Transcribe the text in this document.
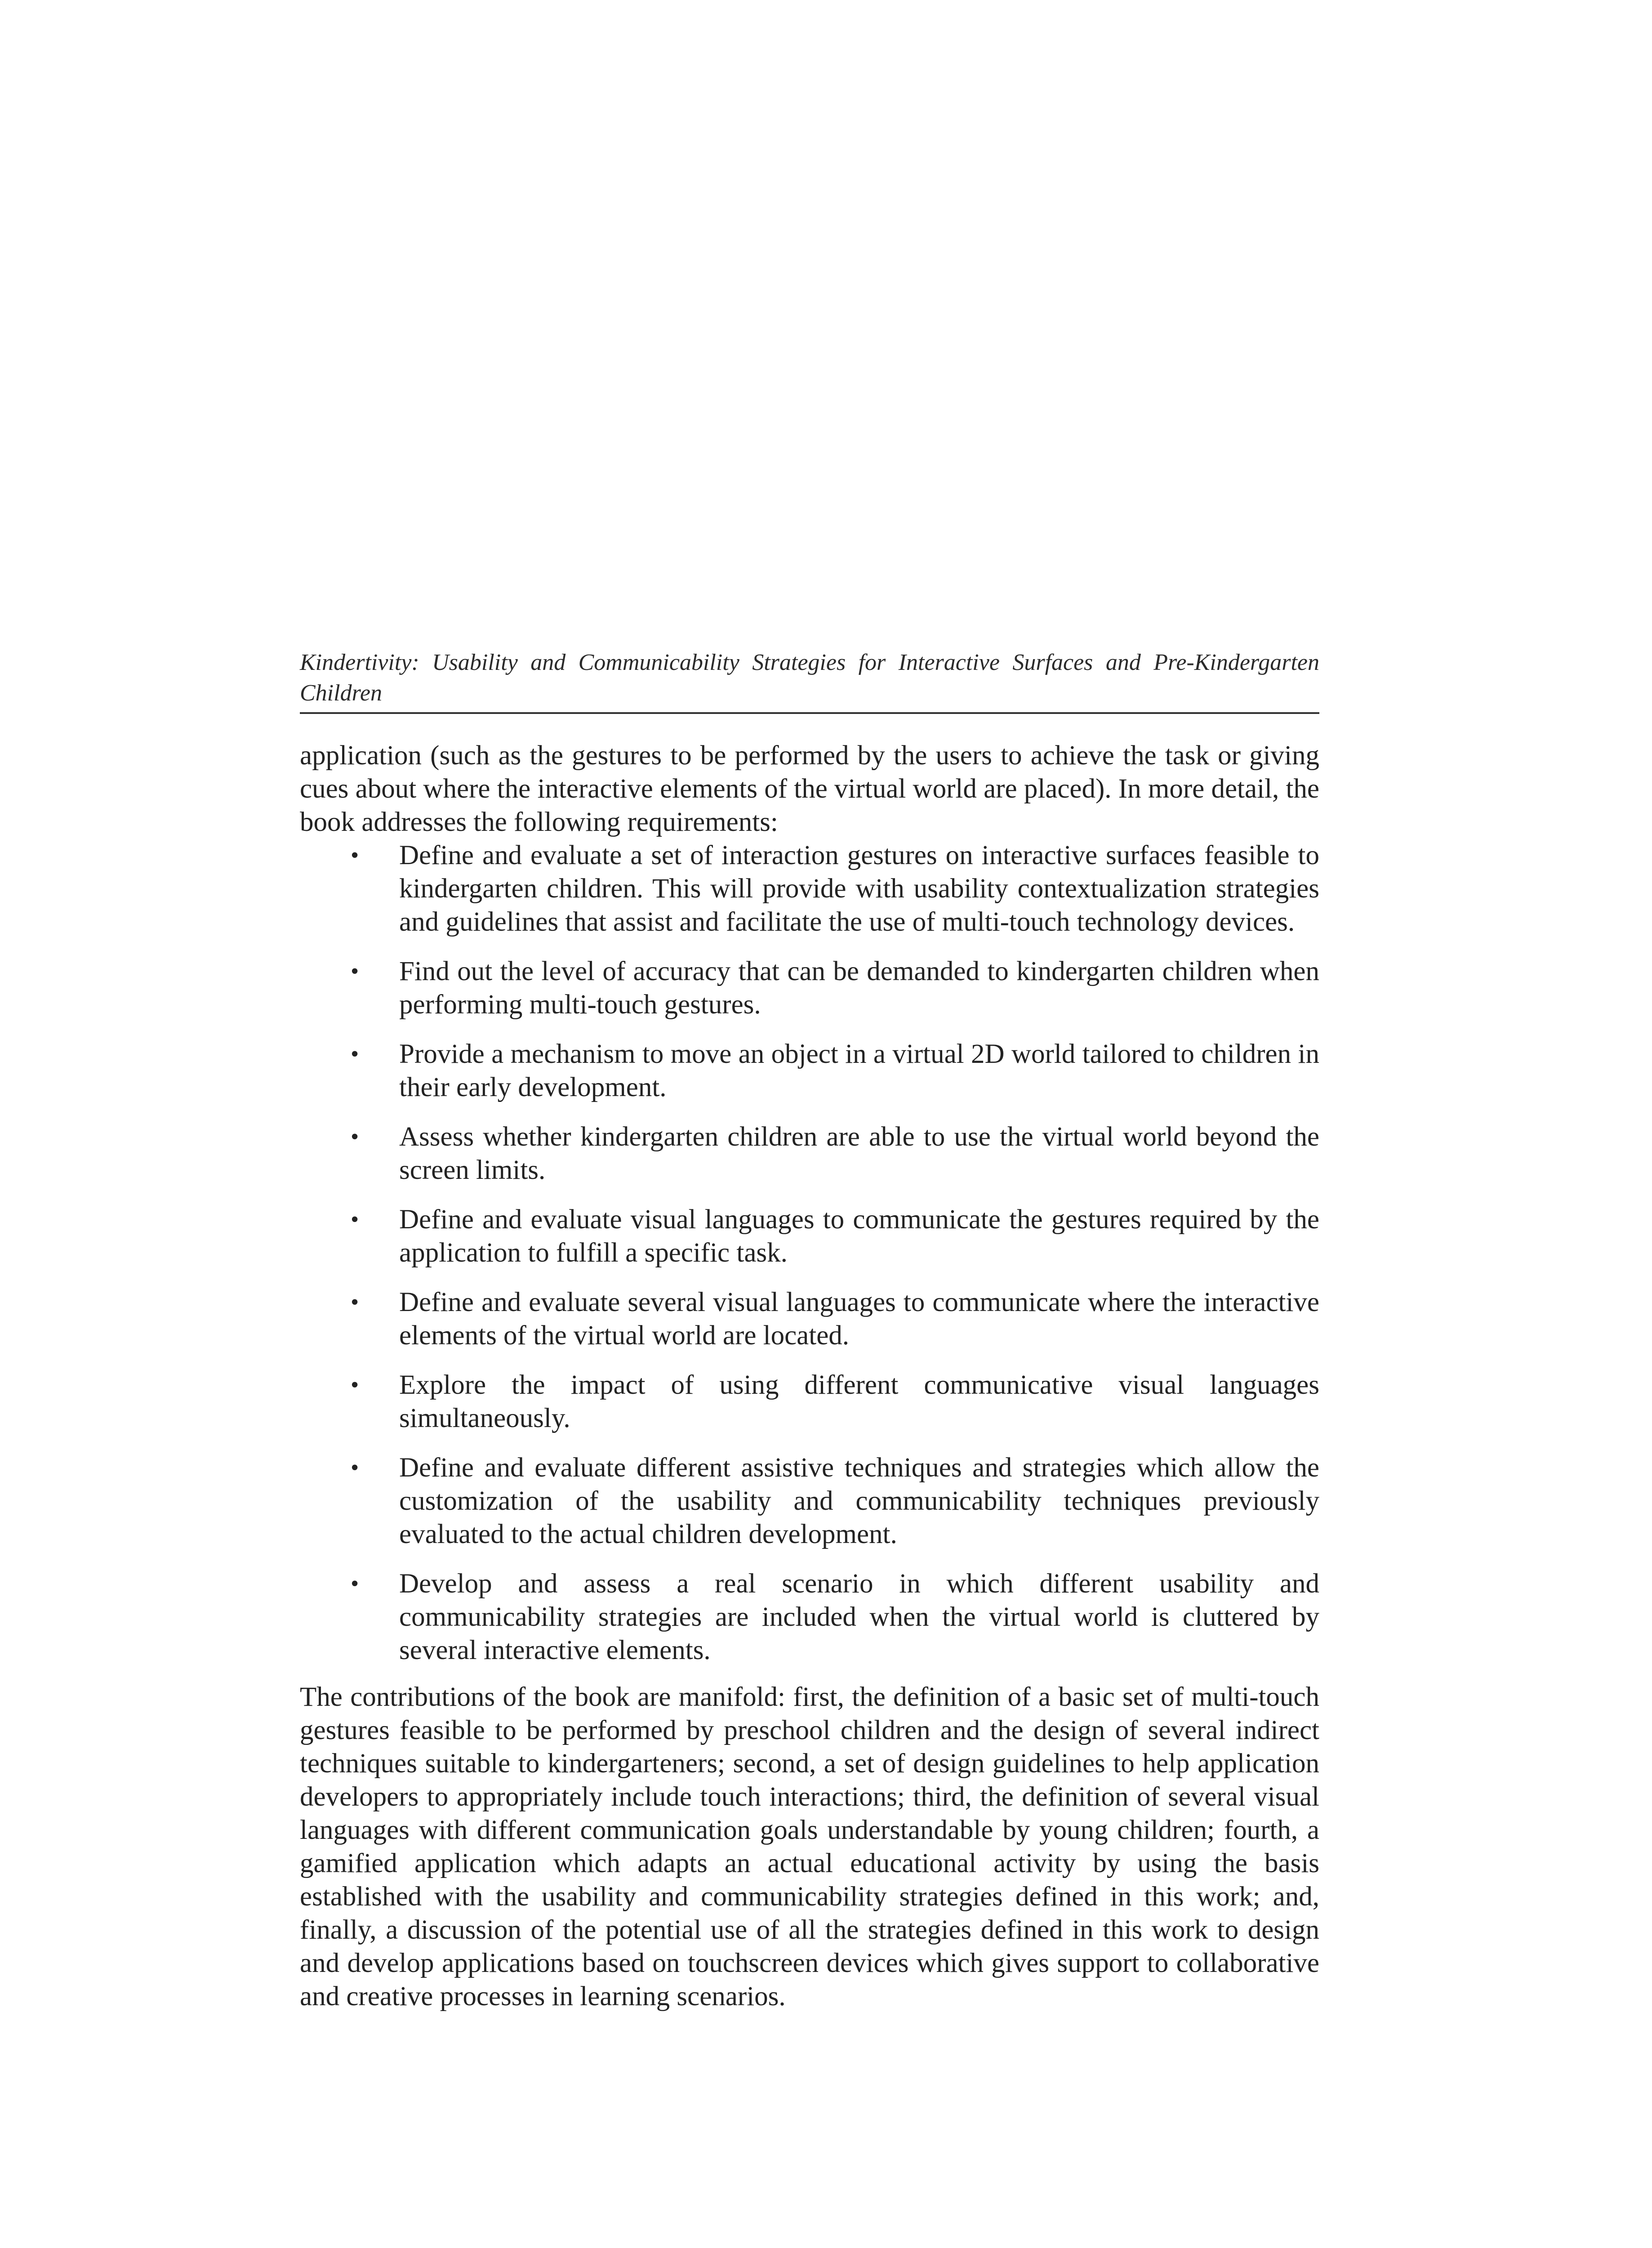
Kindertivity: Usability and Communicability Strategies for Interactive Surfaces and Pre-Kindergarten Children

application (such as the gestures to be performed by the users to achieve the task or giving cues about where the interactive elements of the virtual world are placed). In more detail, the book addresses the following requirements:

• Define and evaluate a set of interaction gestures on interactive surfaces feasible to kindergarten children. This will provide with usability contextualization strategies and guidelines that assist and facilitate the use of multi-touch technology devices.
• Find out the level of accuracy that can be demanded to kindergarten children when performing multi-touch gestures.
• Provide a mechanism to move an object in a virtual 2D world tailored to children in their early development.
• Assess whether kindergarten children are able to use the virtual world beyond the screen limits.
• Define and evaluate visual languages to communicate the gestures required by the application to fulfill a specific task.
• Define and evaluate several visual languages to communicate where the interactive elements of the virtual world are located.
• Explore the impact of using different communicative visual languages simultaneously.
• Define and evaluate different assistive techniques and strategies which allow the customization of the usability and communicability techniques previously evaluated to the actual children development.
• Develop and assess a real scenario in which different usability and communicability strategies are included when the virtual world is cluttered by several interactive elements.

The contributions of the book are manifold: first, the definition of a basic set of multi-touch gestures feasible to be performed by preschool children and the design of several indirect techniques suitable to kindergarteners; second, a set of design guidelines to help application developers to appropriately include touch interactions; third, the definition of several visual languages with different communication goals understandable by young children; fourth, a gamified application which adapts an actual educational activity by using the basis established with the usability and communicability strategies defined in this work; and, finally, a discussion of the potential use of all the strategies defined in this work to design and develop applications based on touchscreen devices which gives support to collaborative and creative processes in learning scenarios.
